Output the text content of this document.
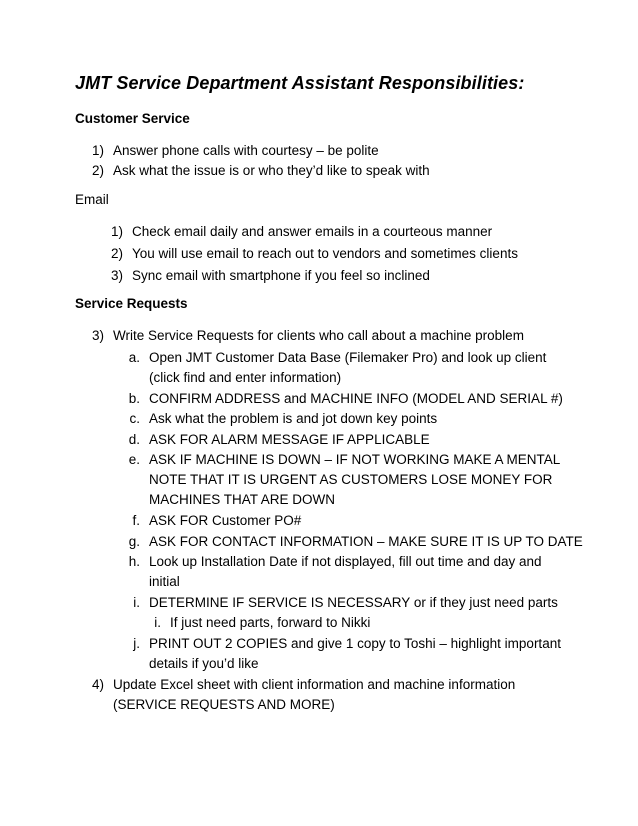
JMT Service Department Assistant Responsibilities:
Customer Service
1) Answer phone calls with courtesy – be polite
2) Ask what the issue is or who they’d like to speak with
Email
1) Check email daily and answer emails in a courteous manner
2) You will use email to reach out to vendors and sometimes clients
3) Sync email with smartphone if you feel so inclined
Service Requests
3) Write Service Requests for clients who call about a machine problem
a. Open JMT Customer Data Base (Filemaker Pro) and look up client
(click find and enter information)
b. CONFIRM ADDRESS and MACHINE INFO (MODEL AND SERIAL #)
c. Ask what the problem is and jot down key points
d. ASK FOR ALARM MESSAGE IF APPLICABLE
e. ASK IF MACHINE IS DOWN – IF NOT WORKING MAKE A MENTAL
NOTE THAT IT IS URGENT AS CUSTOMERS LOSE MONEY FOR
MACHINES THAT ARE DOWN
f. ASK FOR Customer PO#
g. ASK FOR CONTACT INFORMATION – MAKE SURE IT IS UP TO DATE
h. Look up Installation Date if not displayed, fill out time and day and
initial
i. DETERMINE IF SERVICE IS NECESSARY or if they just need parts
i. If just need parts, forward to Nikki
j. PRINT OUT 2 COPIES and give 1 copy to Toshi – highlight important
details if you’d like
4) Update Excel sheet with client information and machine information
(SERVICE REQUESTS AND MORE)
